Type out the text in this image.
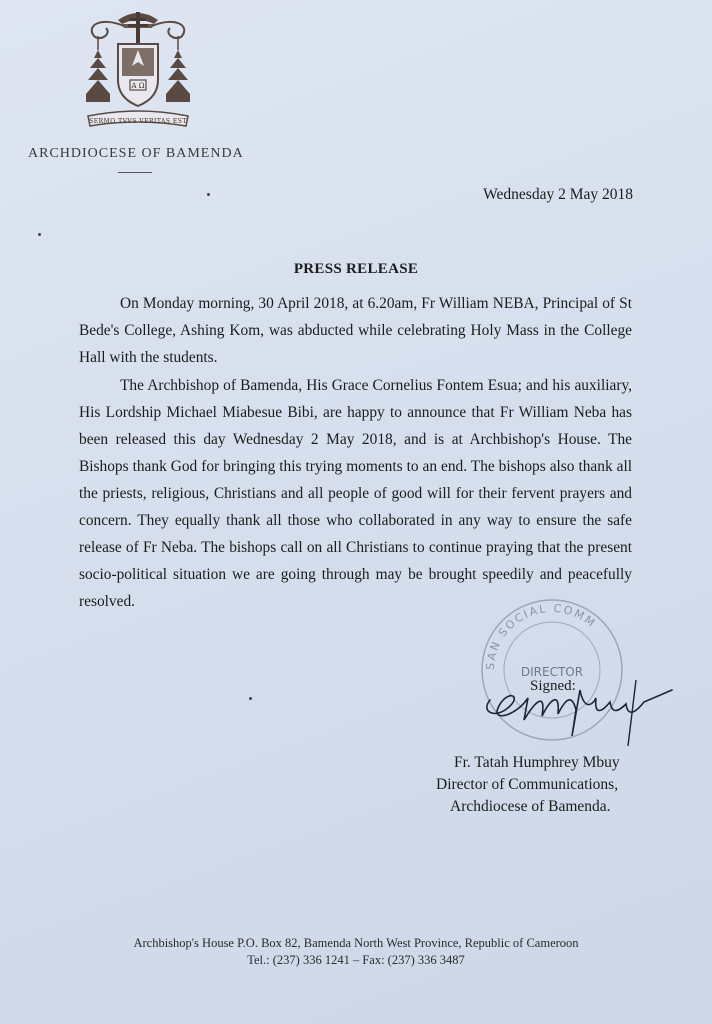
A Ω
SERMO TVVS VERITAS EST
ARCHDIOCESE OF BAMENDA
Wednesday 2 May 2018
PRESS RELEASE

On Monday morning, 30 April 2018, at 6.20am, Fr William NEBA, Principal of St Bede's College, Ashing Kom, was abducted while celebrating Holy Mass in the College Hall with the students.

The Archbishop of Bamenda, His Grace Cornelius Fontem Esua; and his auxiliary, His Lordship Michael Miabesue Bibi, are happy to announce that Fr William Neba has been released this day Wednesday 2 May 2018, and is at Archbishop's House. The Bishops thank God for bringing this trying moments to an end. The bishops also thank all the priests, religious, Christians and all people of good will for their fervent prayers and concern. They equally thank all those who collaborated in any way to ensure the safe release of Fr Neba. The bishops call on all Christians to continue praying that the present socio-political situation we are going through may be brought speedily and peacefully resolved.

SAN SOCIAL COMM
DIRECTOR
Signed:
Fr. Tatah Humphrey Mbuy
Director of Communications,
Archdiocese of Bamenda.
Archbishop's House P.O. Box 82, Bamenda North West Province, Republic of Cameroon
Tel.: (237) 336 1241 – Fax: (237) 336 3487
